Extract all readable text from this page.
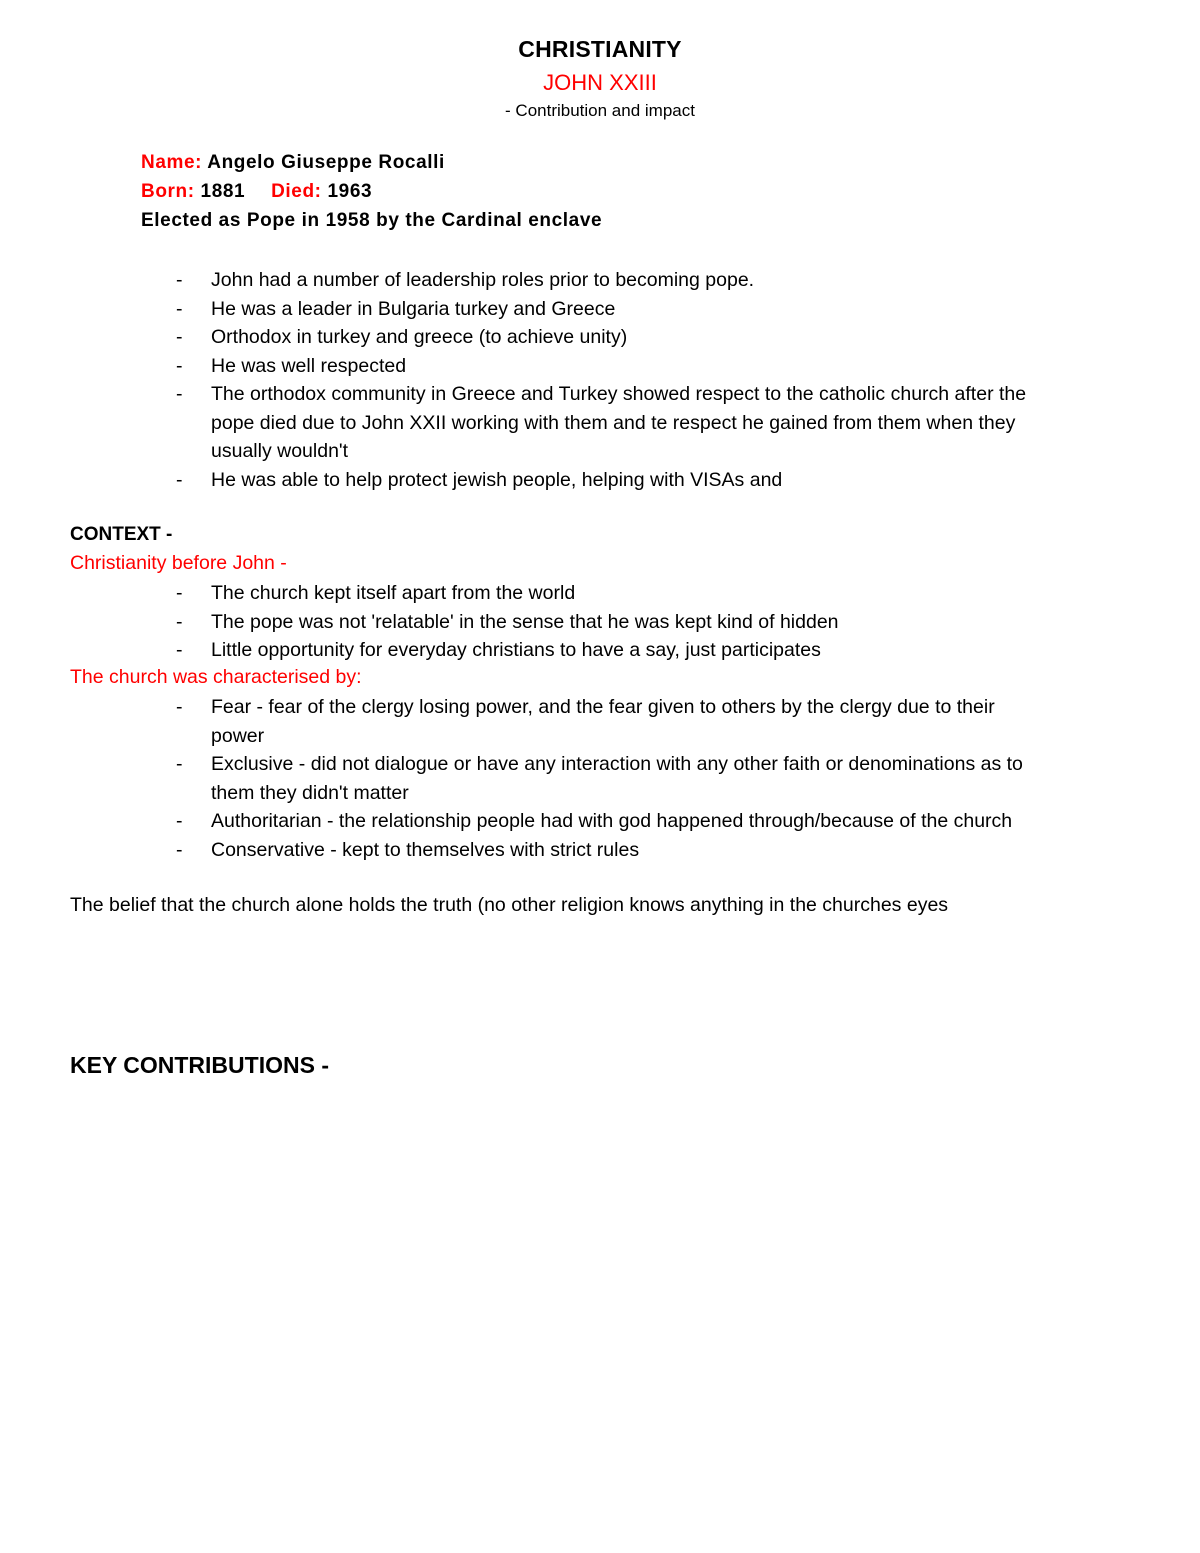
CHRISTIANITY
JOHN XXIII
- Contribution and impact
Name: Angelo Giuseppe Rocalli
Born: 1881 Died: 1963
Elected as Pope in 1958 by the Cardinal enclave
- John had a number of leadership roles prior to becoming pope.
- He was a leader in Bulgaria turkey and Greece
- Orthodox in turkey and greece (to achieve unity)
- He was well respected
- The orthodox community in Greece and Turkey showed respect to the catholic church after the pope died due to John XXII working with them and te respect he gained from them when they usually wouldn't
- He was able to help protect jewish people, helping with VISAs and
CONTEXT -
Christianity before John -
- The church kept itself apart from the world
- The pope was not 'relatable' in the sense that he was kept kind of hidden
- Little opportunity for everyday christians to have a say, just participates
The church was characterised by:
- Fear - fear of the clergy losing power, and the fear given to others by the clergy due to their power
- Exclusive - did not dialogue or have any interaction with any other faith or denominations as to them they didn't matter
- Authoritarian - the relationship people had with god happened through/because of the church
- Conservative - kept to themselves with strict rules
The belief that the church alone holds the truth (no other religion knows anything in the churches eyes
KEY CONTRIBUTIONS -
